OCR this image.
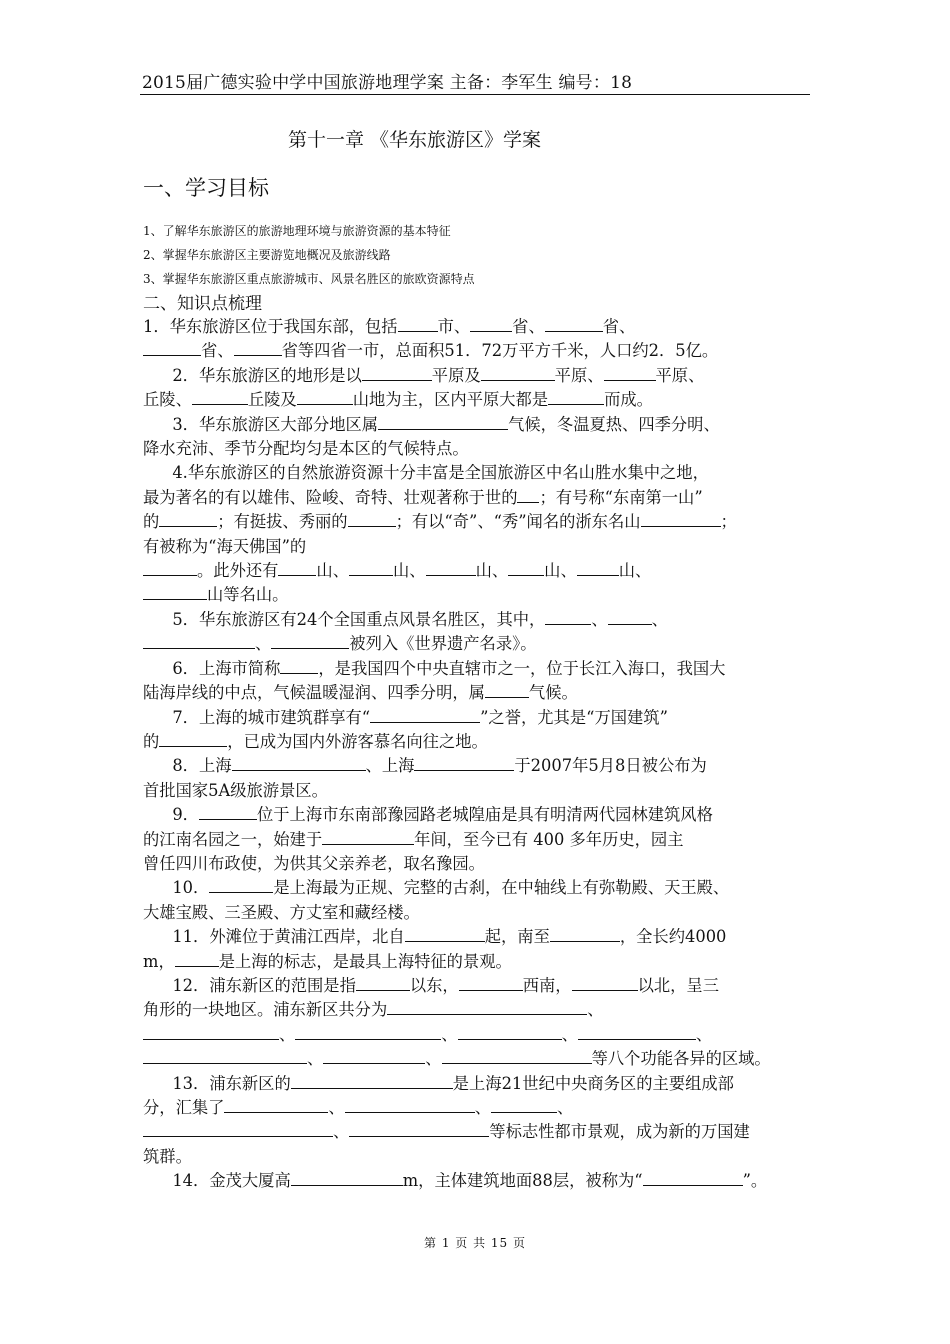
2015届广德实验中学中国旅游地理学案 主备：李军生 编号：18
第十一章 《华东旅游区》学案
一、学习目标
1、了解华东旅游区的旅游地理环境与旅游资源的基本特征
2、掌握华东旅游区主要游览地概况及旅游线路
3、掌握华东旅游区重点旅游城市、风景名胜区的旅欧资源特点
二、知识点梳理

1．华东旅游区位于我国东部，包括 市、	省、	省、

省、	省等四省一市，总面积51．72万平方千米，人口约2．5亿。

2．华东旅游区的地形是以	平原及	平原、	平原、

丘陵、	丘陵及	山地为主，区内平原大都是	而成。

3．华东旅游区大部分地区属	气候，冬温夏热、四季分明、

降水充沛、季节分配均匀是本区的气候特点。

4.华东旅游区的自然旅游资源十分丰富是全国旅游区中名山胜水集中之地，

最为著名的有以雄伟、险峻、奇特、壮观著称于世的 ；有号称“东南第一山”

的	；有挺拔、秀丽的	；有以“奇”、“秀”闻名的浙东名山	；

有被称为“海天佛国”的

。此外还有 山、	山、	山、 山、	山、

山等名山。

5．华东旅游区有24个全国重点风景名胜区，其中，	、	、

、	被列入《世界遗产名录》。

6．上海市简称 ，是我国四个中央直辖市之一，位于长江入海口，我国大

陆海岸线的中点，气候温暖湿润、四季分明，属	气候。

7．上海的城市建筑群享有“	”之誉，尤其是“万国建筑”

的	，已成为国内外游客慕名向往之地。

8．上海	、上海	于2007年5月8日被公布为

首批国家5A级旅游景区。

9．	位于上海市东南部豫园路老城隍庙是具有明清两代园林建筑风格

的江南名园之一，始建于	年间，至今已有 400 多年历史，园主

曾任四川布政使，为供其父亲养老，取名豫园。

10．	是上海最为正规、完整的古刹，在中轴线上有弥勒殿、天王殿、

大雄宝殿、三圣殿、方丈室和藏经楼。

11．外滩位于黄浦江西岸，北自	起，南至	，全长约4000

m，	是上海的标志，是最具上海特征的景观。

12．浦东新区的范围是指	以东，	西南，	以北，呈三

角形的一块地区。浦东新区共分为	、

、	、	、	、

、	、	等八个功能各异的区域。

13．浦东新区的	是上海21世纪中央商务区的主要组成部

分，汇集了	、	、	、

、	等标志性都市景观，成为新的万国建

筑群。

14．金茂大厦高	m，主体建筑地面88层，被称为“	”。

第 1 页 共 15 页
